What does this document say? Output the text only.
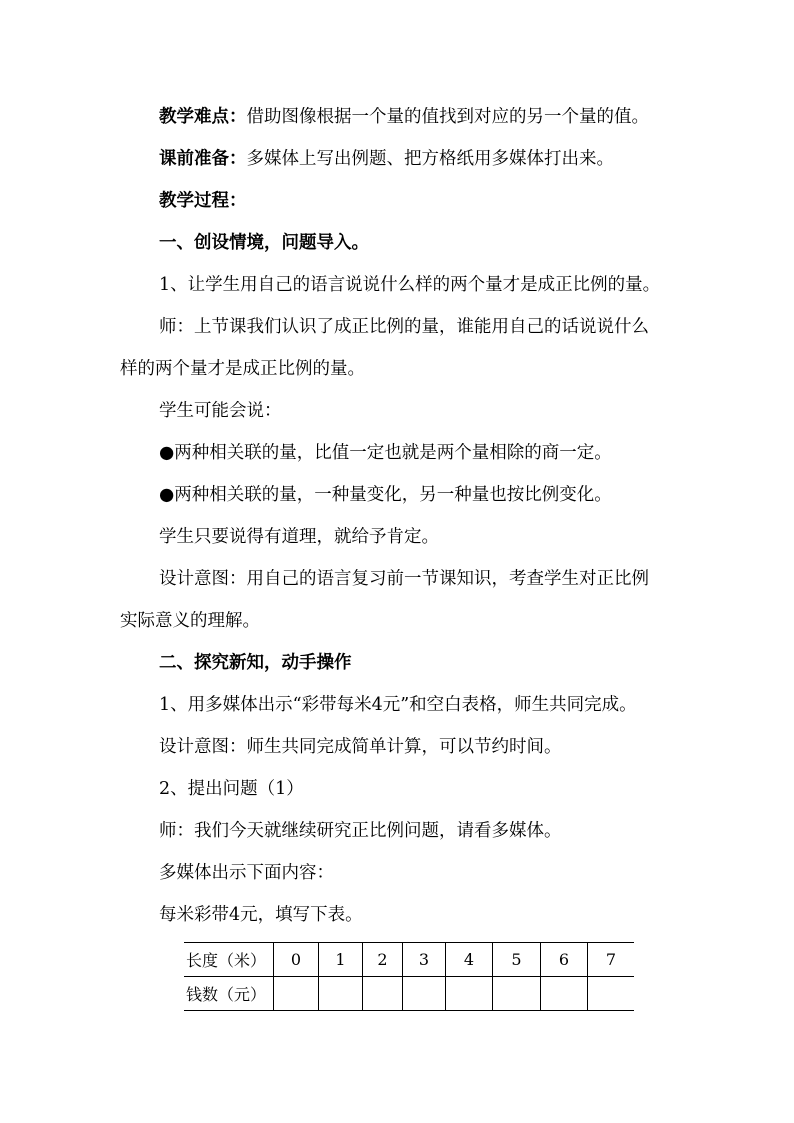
教学难点：借助图像根据一个量的值找到对应的另一个量的值。
课前准备：多媒体上写出例题、把方格纸用多媒体打出来。
教学过程：
一、创设情境，问题导入。
1、让学生用自己的语言说说什么样的两个量才是成正比例的量。
师：上节课我们认识了成正比例的量，谁能用自己的话说说什么
样的两个量才是成正比例的量。
学生可能会说：
●两种相关联的量，比值一定也就是两个量相除的商一定。
●两种相关联的量，一种量变化，另一种量也按比例变化。
学生只要说得有道理，就给予肯定。
设计意图：用自己的语言复习前一节课知识，考查学生对正比例
实际意义的理解。
二、探究新知，动手操作
1、用多媒体出示“彩带每米4元”和空白表格，师生共同完成。
设计意图：师生共同完成简单计算，可以节约时间。
2、提出问题（1）
师：我们今天就继续研究正比例问题，请看多媒体。
多媒体出示下面内容：
每米彩带4元，填写下表。
长度（米）	0	1	2	3	4	5	6	7
钱数（元）								
